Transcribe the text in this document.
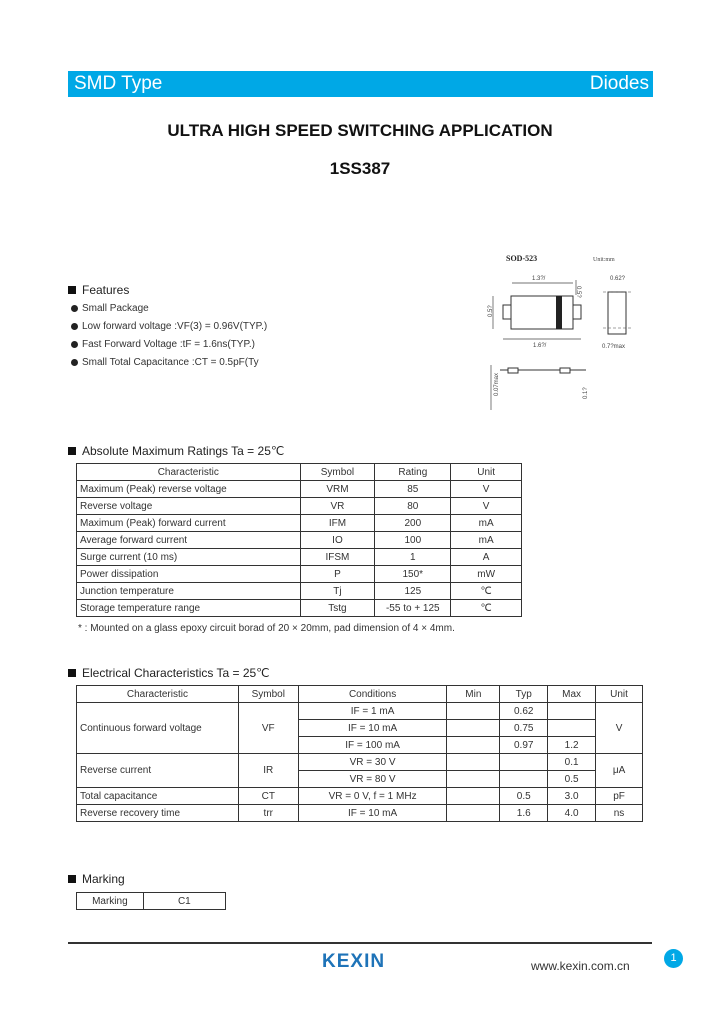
SMD Type	Diodes
ULTRA HIGH SPEED SWITCHING APPLICATION
1SS387
SOD-523	Unit:mm
1.3?/
0.5?
0.5?
1.6?/
0.62?
0.7?max
0.07max	0.1?
Features
Small Package
Low forward voltage :VF(3) = 0.96V(TYP.)
Fast Forward Voltage :tF = 1.6ns(TYP.)
Small Total Capacitance :CT = 0.5pF(Ty
Absolute Maximum Ratings Ta = 25℃
Characteristic	Symbol	Rating	Unit
Maximum (Peak) reverse voltage	VRM	85	V
Reverse voltage	VR	80	V
Maximum (Peak) forward current	IFM	200	mA
Average forward current	IO	100	mA
Surge current (10 ms)	IFSM	1	A
Power dissipation	P	150*	mW
Junction temperature	Tj	125	℃
Storage temperature range	Tstg	-55 to + 125	℃
* : Mounted on a glass epoxy circuit borad of 20 × 20mm, pad dimension of 4 × 4mm.
Electrical Characteristics Ta = 25℃
Characteristic	Symbol	Conditions	Min	Typ	Max	Unit
Continuous forward voltage	VF	IF = 1 mA		0.62		V
		IF = 10 mA		0.75		
		IF = 100 mA		0.97	1.2	
Reverse current	IR	VR = 30 V			0.1	μA
		VR = 80 V			0.5	
Total capacitance	CT	VR = 0 V, f = 1 MHz		0.5	3.0	pF
Reverse recovery time	trr	IF = 10 mA		1.6	4.0	ns
Marking
Marking	C1
KEXIN	www.kexin.com.cn
1
